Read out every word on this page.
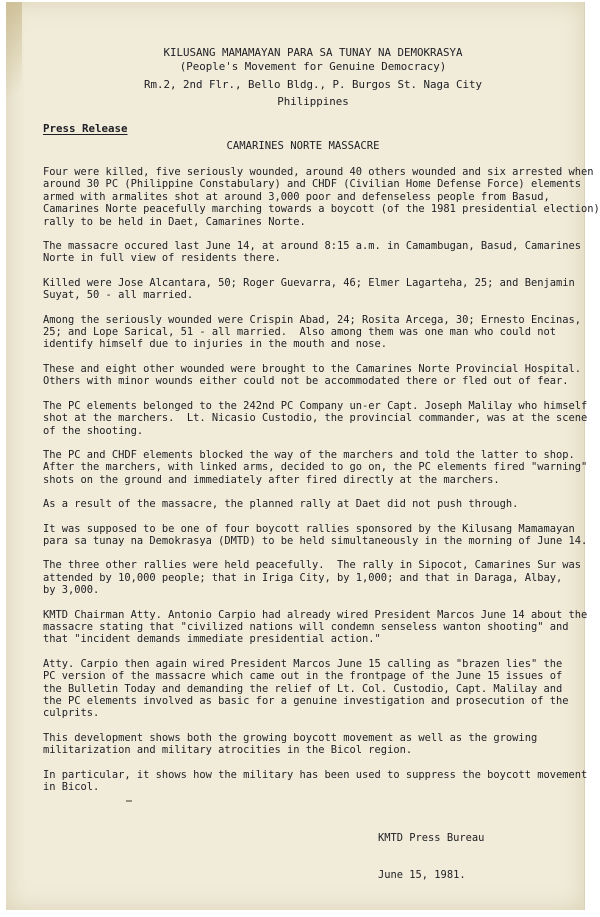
KILUSANG MAMAMAYAN PARA SA TUNAY NA DEMOKRASYA
(People's Movement for Genuine Democracy)
Rm.2, 2nd Flr., Bello Bldg., P. Burgos St. Naga City
Philippines
Press Release
CAMARINES NORTE MASSACRE

Four were killed, five seriously wounded, around 40 others wounded and six arrested when
around 30 PC (Philippine Constabulary) and CHDF (Civilian Home Defense Force) elements
armed with armalites shot at around 3,000 poor and defenseless people from Basud,
Camarines Norte peacefully marching towards a boycott (of the 1981 presidential election)
rally to be held in Daet, Camarines Norte.

The massacre occured last June 14, at around 8:15 a.m. in Camambugan, Basud, Camarines
Norte in full view of residents there.

Killed were Jose Alcantara, 50; Roger Guevarra, 46; Elmer Lagarteha, 25; and Benjamin
Suyat, 50 - all married.

Among the seriously wounded were Crispin Abad, 24; Rosita Arcega, 30; Ernesto Encinas,
25; and Lope Sarical, 51 - all married.  Also among them was one man who could not
identify himself due to injuries in the mouth and nose.

These and eight other wounded were brought to the Camarines Norte Provincial Hospital.
Others with minor wounds either could not be accommodated there or fled out of fear.

The PC elements belonged to the 242nd PC Company un-er Capt. Joseph Malilay who himself
shot at the marchers.  Lt. Nicasio Custodio, the provincial commander, was at the scene
of the shooting.

The PC and CHDF elements blocked the way of the marchers and told the latter to shop.
After the marchers, with linked arms, decided to go on, the PC elements fired "warning"
shots on the ground and immediately after fired directly at the marchers.

As a result of the massacre, the planned rally at Daet did not push through.

It was supposed to be one of four boycott rallies sponsored by the Kilusang Mamamayan
para sa tunay na Demokrasya (DMTD) to be held simultaneously in the morning of June 14.

The three other rallies were held peacefully.  The rally in Sipocot, Camarines Sur was
attended by 10,000 people; that in Iriga City, by 1,000; and that in Daraga, Albay,
by 3,000.

KMTD Chairman Atty. Antonio Carpio had already wired President Marcos June 14 about the
massacre stating that "civilized nations will condemn senseless wanton shooting" and
that "incident demands immediate presidential action."

Atty. Carpio then again wired President Marcos June 15 calling as "brazen lies" the
PC version of the massacre which came out in the frontpage of the June 15 issues of
the Bulletin Today and demanding the relief of Lt. Col. Custodio, Capt. Malilay and
the PC elements involved as basic for a genuine investigation and prosecution of the
culprits.

This development shows both the growing boycott movement as well as the growing
militarization and military atrocities in the Bicol region.

In particular, it shows how the military has been used to suppress the boycott movement
in Bicol.

KMTD Press Bureau

June 15, 1981.
